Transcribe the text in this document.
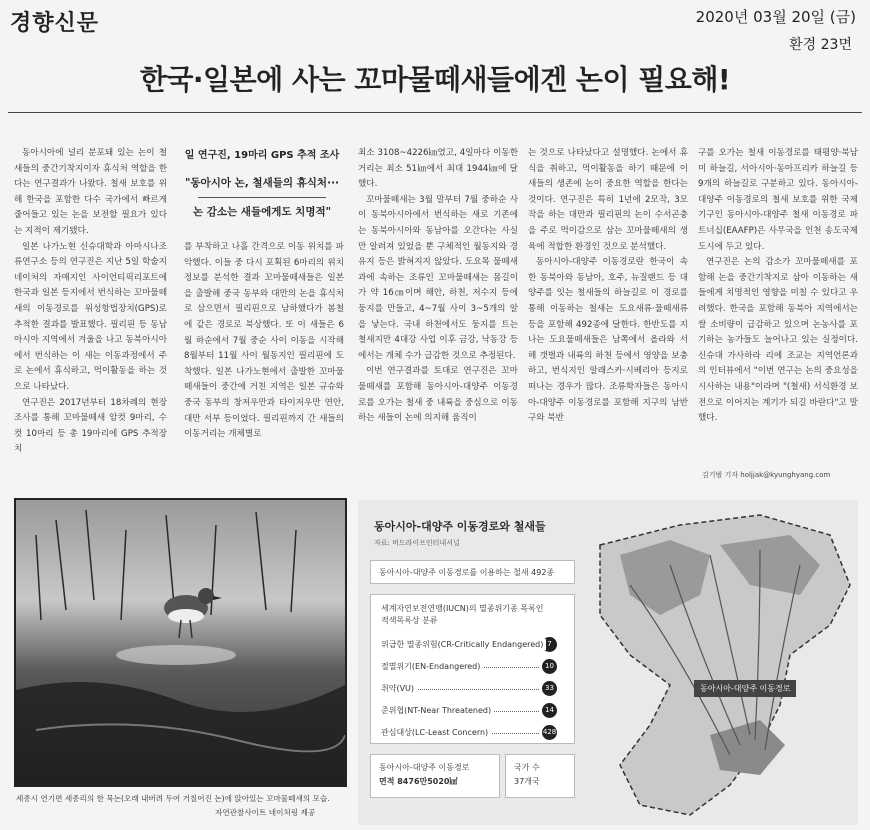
경향신문	2020년 03월 20일 (금)
환경 23면
한국·일본에 사는 꼬마물떼새들에겐 논이 필요해!

동아시아에 널리 분포돼 있는 논이 철새들의 중간기착지이자 휴식처 역할을 한다는 연구결과가 나왔다. 철새 보호를 위해 한국을 포함한 다수 국가에서 빠르게 줄어들고 있는 논을 보전할 필요가 있다는 지적이 제기됐다.

일본 나가노현 신슈대학과 아마시나조류연구소 등의 연구진은 지난 5일 학술지 네이처의 자매지인 사이언티픽리포트에 한국과 일본 등지에서 번식하는 꼬마물떼새의 이동경로를 위성항법장치(GPS)로 추적한 결과를 발표했다. 필리핀 등 동남아시아 지역에서 겨울을 나고 동북아시아에서 번식하는 이 새는 이동과정에서 주로 논에서 휴식하고, 먹이활동을 하는 것으로 나타났다.

연구진은 2017년부터 18차례의 현장조사를 통해 꼬마물떼새 암컷 9마리, 수컷 10마리 등 총 19마리에 GPS 추적장치

일 연구진, 19마리 GPS 추적 조사
"동아시아 논, 철새들의 휴식처···
논 감소는 새들에게도 치명적"

를 부착하고 나흘 간격으로 이동 위치를 파악했다. 이들 중 다시 포획된 6마리의 위치정보를 분석한 결과 꼬마물떼새들은 일본을 출발해 중국 동부와 대만의 논을 휴식처로 삼으면서 필리핀으로 남하했다가 봄철에 같은 경로로 북상했다. 또 이 새들은 6월 하순에서 7월 중순 사이 이동을 시작해 8월부터 11월 사이 월동지인 필리핀에 도착했다. 일본 나가노현에서 출발한 꼬마물떼새들이 중간에 거친 지역은 일본 규슈와 중국 동부의 창저우만과 타이저우만 연안, 대만 서부 등이었다. 필리핀까지 간 새들의 이동거리는 개체별로

최소 3108~4226㎞였고, 4일마다 이동한 거리는 최소 51㎞에서 최대 1944㎞에 달했다.

꼬마물떼새는 3월 말부터 7월 중하순 사이 동북아시아에서 번식하는 새로 기존에는 동북아시아와 동남아를 오간다는 사실만 알려져 있었을 뿐 구체적인 월동지와 경유지 등은 밝혀지지 않았다. 도요목 물떼새과에 속하는 조류인 꼬마물떼새는 몸길이가 약 16㎝이며 해안, 하천, 저수지 등에 둥지를 만들고, 4~7월 사이 3~5개의 알을 낳는다. 국내 하천에서도 둥지를 트는 철새지만 4대강 사업 이후 금강, 낙동강 등에서는 개체 수가 급감한 것으로 추정된다.

이번 연구결과를 토대로 연구진은 꼬마물떼새를 포함해 동아시아-대양주 이동경로를 오가는 철새 중 내륙을 중심으로 이동하는 새들이 논에 의지해 움직이

는 것으로 나타났다고 설명했다. 논에서 휴식을 취하고, 먹이활동을 하기 때문에 이 새들의 생존에 논이 중요한 역할을 한다는 것이다. 연구진은 특히 1년에 2모작, 3모작을 하는 대만과 필리핀의 논이 수서곤충을 주로 먹이감으로 삼는 꼬마물떼새의 생육에 적합한 환경인 것으로 분석했다.

동아시아-대양주 이동경로란 한국이 속한 동북아와 동남아, 호주, 뉴질랜드 등 대양주를 잇는 철새들의 하늘길로 이 경로를 통해 이동하는 철새는 도요새류·물떼새류 등을 포함해 492종에 달한다. 한반도를 지나는 도요물떼새들은 남쪽에서 올라와 서해 갯벌과 내륙의 하천 등에서 영양을 보충하고, 번식지인 알래스카·시베리아 등지로 떠나는 경우가 많다. 조류학자들은 동아시아-대양주 이동경로를 포함해 지구의 남반구와 북반

구를 오가는 철새 이동경로를 태평양·북남미 하늘길, 서아시아·동아프리카 하늘길 등 9개의 하늘길로 구분하고 있다. 동아시아-대양주 이동경로의 철새 보호를 위한 국제기구인 동아시아-대양주 철새 이동경로 파트너십(EAAFP)은 사무국을 인천 송도국제도시에 두고 있다.

연구진은 논의 감소가 꼬마물떼새를 포함해 논을 중간기착지로 삼아 이동하는 새들에게 치명적인 영향을 미칠 수 있다고 우려했다. 한국을 포함해 동북아 지역에서는 쌀 소비량이 급감하고 있으며 논농사를 포기하는 농가들도 늘어나고 있는 실정이다. 신슈대 가사하라 리에 조교는 지역언론과의 인터뷰에서 "이번 연구는 논의 중요성을 시사하는 내용"이라며 "(철새) 서식환경 보전으로 이어지는 계기가 되길 바란다"고 말했다.

김기범 기자 holjjak@kyunghyang.com
세종시 연기면 세종리의 한 묵논(오래 내버려 두어 거칠어진 논)에 앉아있는 꼬마물떼새의 모습.
자연관찰사이트 네이처링 제공
동아시아-대양주 이동경로
동아시아-대양주 이동경로와 철새들
자료: 버드라이프인터내셔널
동아시아-대양주 이동경로를 이용하는 철새 492종
세계자연보전연맹(IUCN)의 멸종위기종 목록인
적색목록상 분류
위급한 멸종위험(CR-Critically Endangered) 7
절멸위기(EN-Endangered)	10
취약(VU)	33
준위협(NT-Near Threatened)	14
관심대상(LC-Least Concern)	428
동아시아-대양주 이동경로
면적 8476만5020㎢
국가 수
37개국
